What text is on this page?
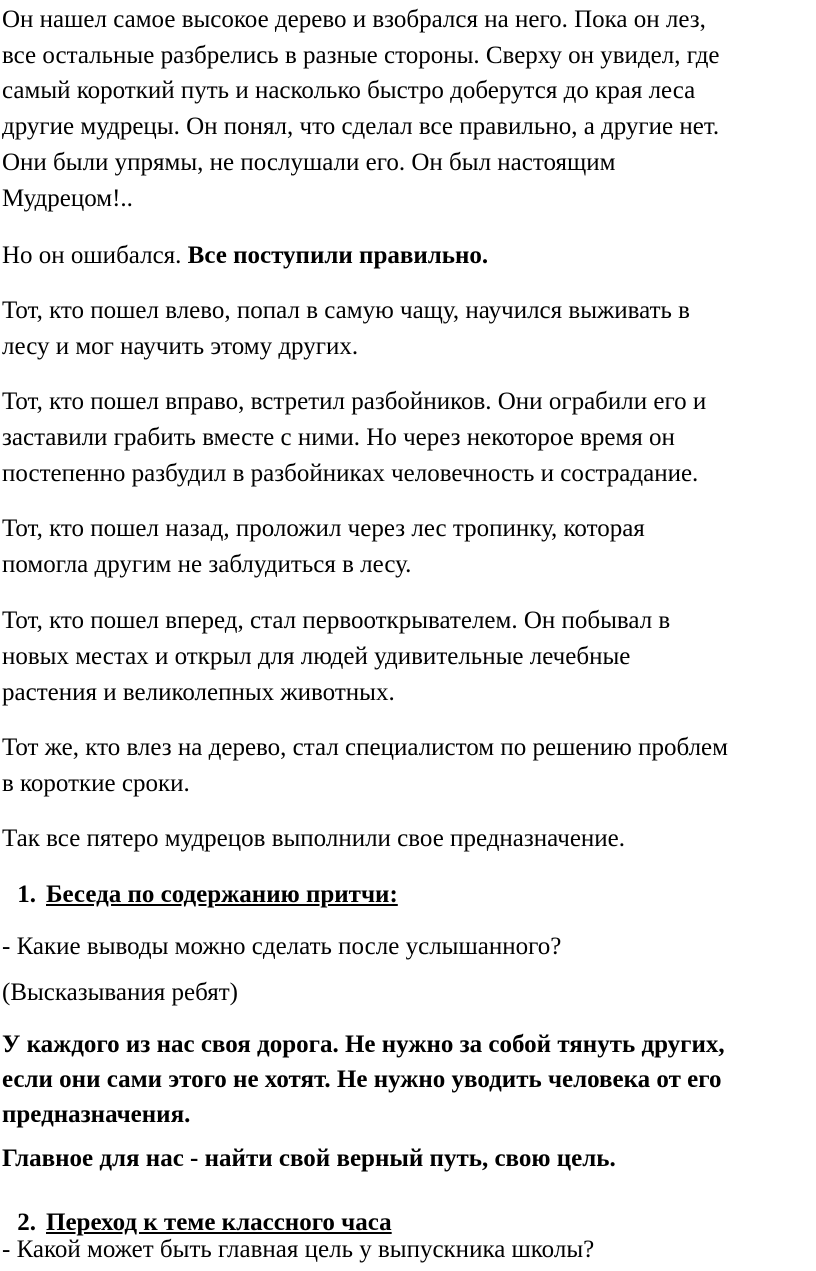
Он нашел самое высокое дерево и взобрался на него. Пока он лез,

все остальные разбрелись в разные стороны. Сверху он увидел, где

самый короткий путь и насколько быстро доберутся до края леса

другие мудрецы. Он понял, что сделал все правильно, а другие нет.

Они были упрямы, не послушали его. Он был настоящим

Мудрецом!..

Но он ошибался. Все поступили правильно.

Тот, кто пошел влево, попал в самую чащу, научился выживать в

лесу и мог научить этому других.

Тот, кто пошел вправо, встретил разбойников. Они ограбили его и

заставили грабить вместе с ними. Но через некоторое время он

постепенно разбудил в разбойниках человечность и сострадание.

Тот, кто пошел назад, проложил через лес тропинку, которая

помогла другим не заблудиться в лесу.

Тот, кто пошел вперед, стал первооткрывателем. Он побывал в

новых местах и открыл для людей удивительные лечебные

растения и великолепных животных.

Тот же, кто влез на дерево, стал специалистом по решению проблем

в короткие сроки.

Так все пятеро мудрецов выполнили свое предназначение.

1. Беседа по содержанию притчи:

- Какие выводы можно сделать после услышанного?

(Высказывания ребят)

У каждого из нас своя дорога. Не нужно за собой тянуть других,

если они сами этого не хотят. Не нужно уводить человека от его

предназначения.

Главное для нас - найти свой верный путь, свою цель.

2. Переход к теме классного часа

- Какой может быть главная цель у выпускника школы?
